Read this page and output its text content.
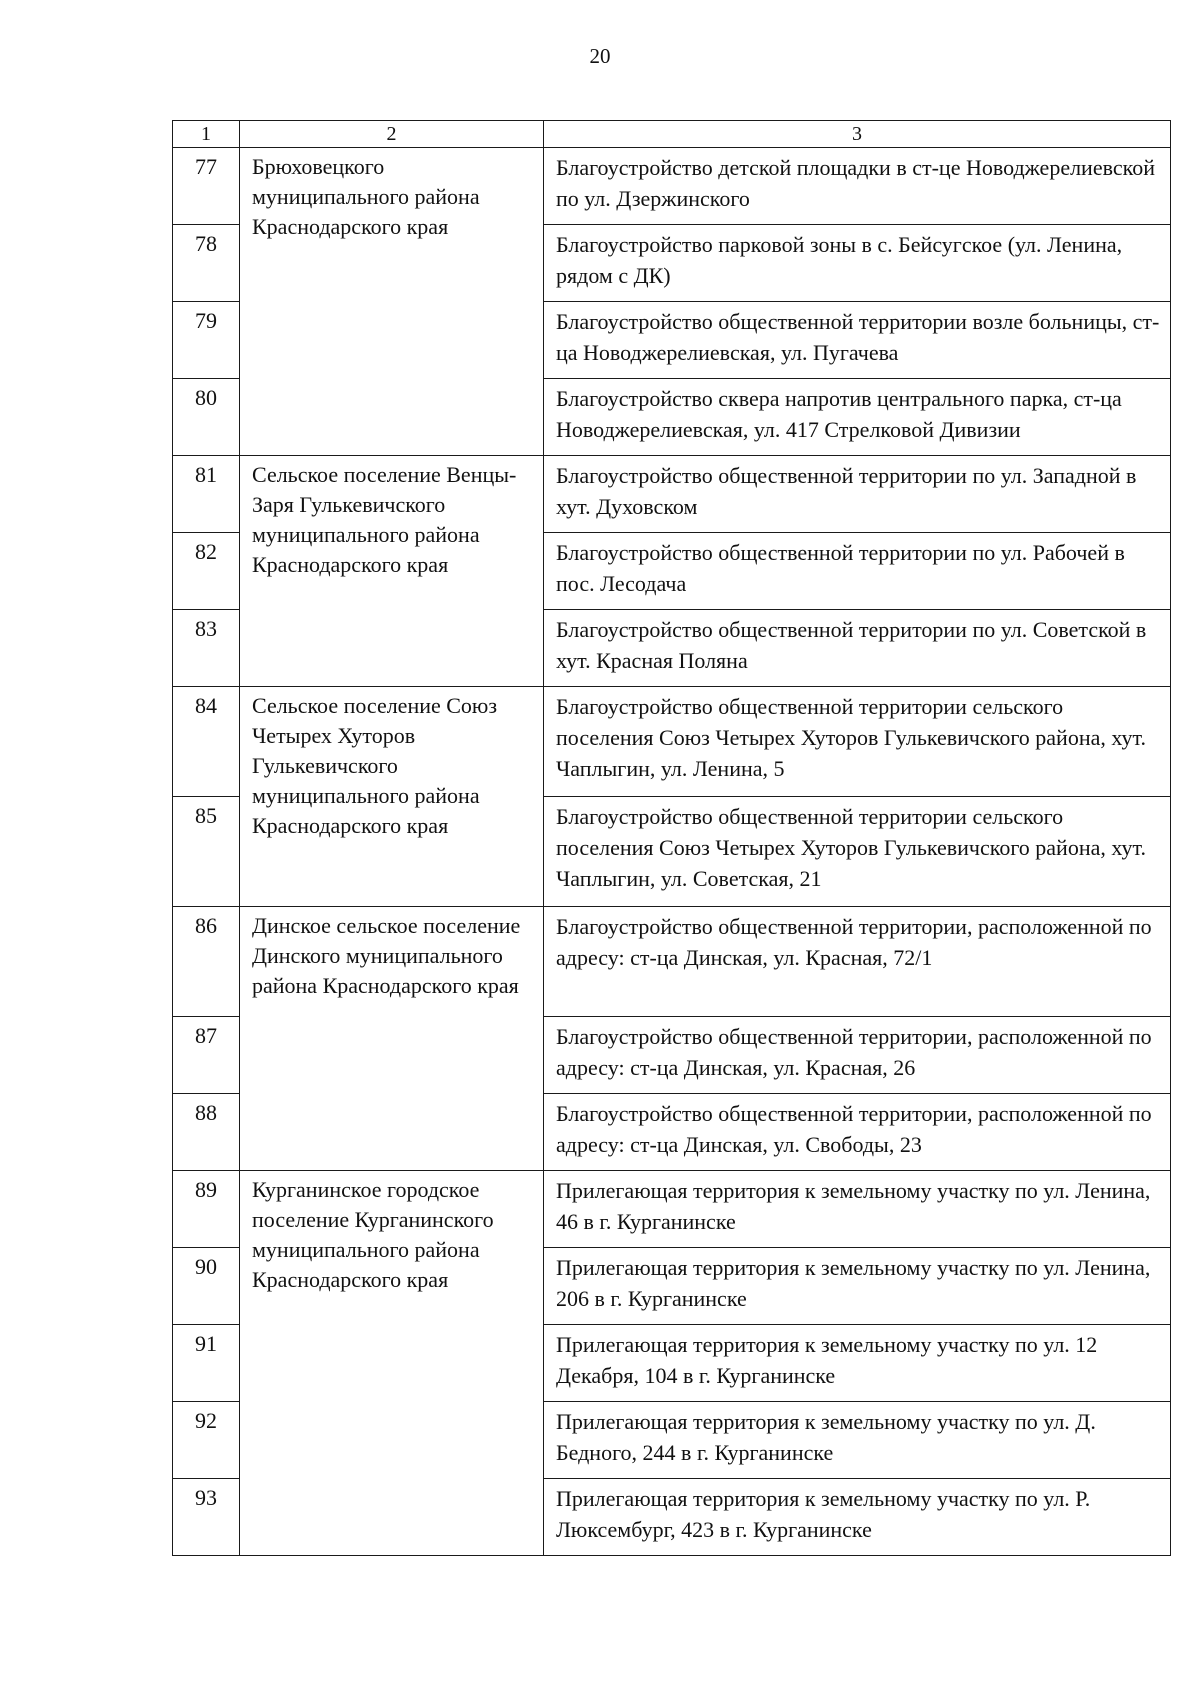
20
1	2	3
77	Брюховецкого муниципального района Краснодарского края	Благоустройство детской площадки в ст-це Новоджерелиевской по ул. Дзержинского
78		Благоустройство парковой зоны в с. Бейсугское (ул. Ленина, рядом с ДК)
79		Благоустройство общественной территории возле больницы, ст-ца Новоджерелиевская, ул. Пугачева
80		Благоустройство сквера напротив центрального парка, ст-ца Новоджерелиевская, ул. 417 Стрелковой Дивизии
81	Сельское поселение Венцы-Заря Гулькевичского муниципального района Краснодарского края	Благоустройство общественной территории по ул. Западной в хут. Духовском
82		Благоустройство общественной территории по ул. Рабочей в пос. Лесодача
83		Благоустройство общественной территории по ул. Советской в хут. Красная Поляна
84	Сельское поселение Союз Четырех Хуторов Гулькевичского муниципального района Краснодарского края	Благоустройство общественной территории сельского поселения Союз Четырех Хуторов Гулькевичского района, хут. Чаплыгин, ул. Ленина, 5
85		Благоустройство общественной территории сельского поселения Союз Четырех Хуторов Гулькевичского района, хут. Чаплыгин, ул. Советская, 21
86	Динское сельское поселение Динского муниципального района Краснодарского края	Благоустройство общественной территории, расположенной по адресу: ст-ца Динская, ул. Красная, 72/1
87		Благоустройство общественной территории, расположенной по адресу: ст-ца Динская, ул. Красная, 26
88		Благоустройство общественной территории, расположенной по адресу: ст-ца Динская, ул. Свободы, 23
89	Курганинское городское поселение Курганинского муниципального района Краснодарского края	Прилегающая территория к земельному участку по ул. Ленина, 46 в г. Курганинске
90		Прилегающая территория к земельному участку по ул. Ленина, 206 в г. Курганинске
91		Прилегающая территория к земельному участку по ул. 12 Декабря, 104 в г. Курганинске
92		Прилегающая территория к земельному участку по ул. Д. Бедного, 244 в г. Курганинске
93		Прилегающая территория к земельному участку по ул. Р. Люксембург, 423 в г. Курганинске
